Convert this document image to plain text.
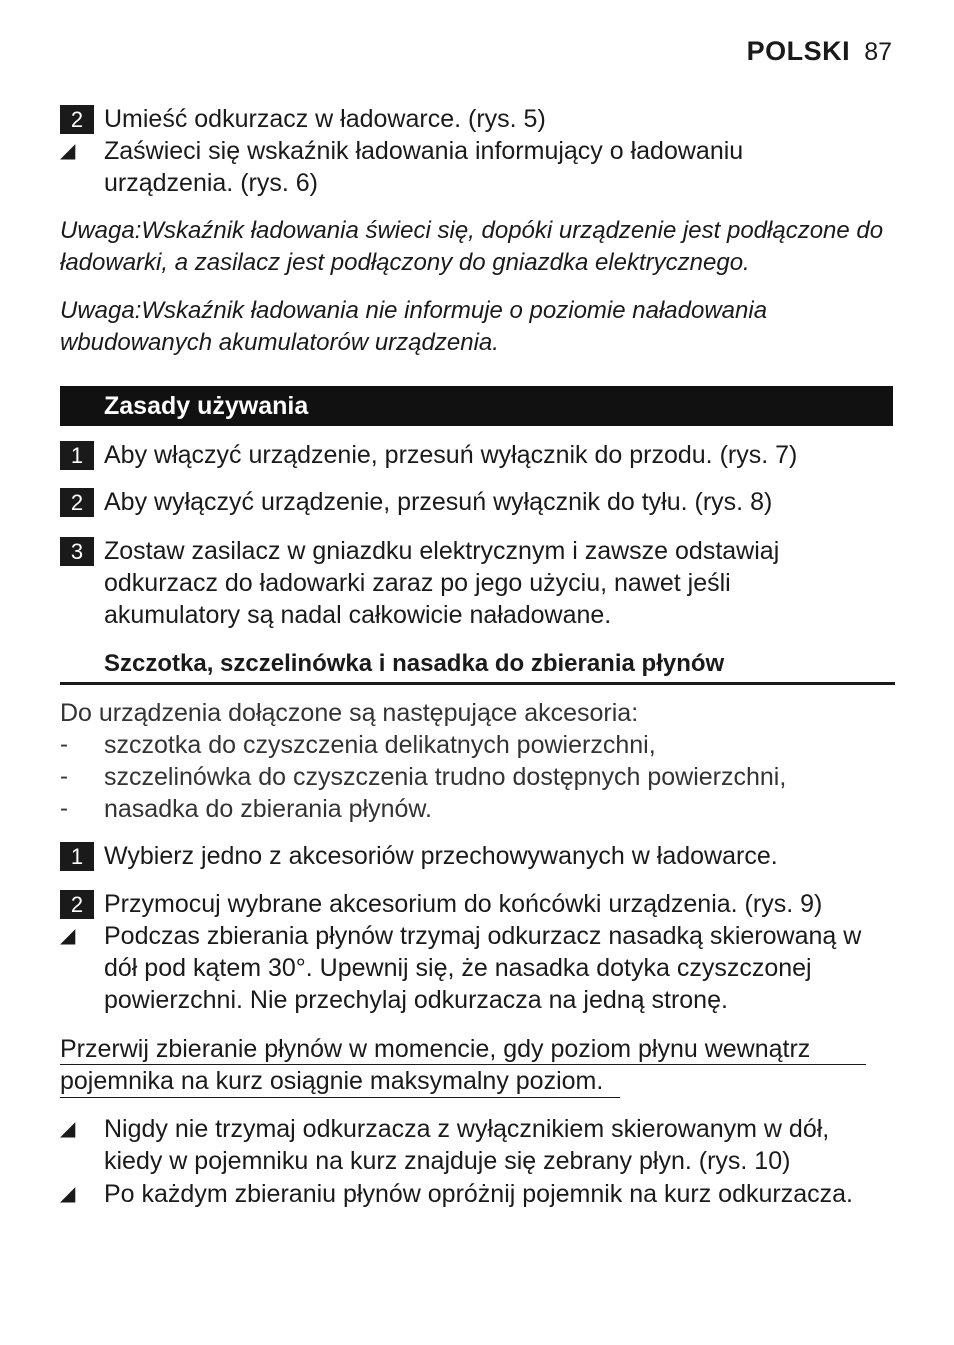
POLSKI 87
2 Umieść odkurzacz w ładowarce. (rys. 5)
◢ Zaświeci się wskaźnik ładowania informujący o ładowaniu
urządzenia. (rys. 6)
Uwaga:Wskaźnik ładowania świeci się, dopóki urządzenie jest podłączone do
ładowarki, a zasilacz jest podłączony do gniazdka elektrycznego.
Uwaga:Wskaźnik ładowania nie informuje o poziomie naładowania
wbudowanych akumulatorów urządzenia.
Zasady używania
1 Aby włączyć urządzenie, przesuń wyłącznik do przodu. (rys. 7)
2 Aby wyłączyć urządzenie, przesuń wyłącznik do tyłu. (rys. 8)
3 Zostaw zasilacz w gniazdku elektrycznym i zawsze odstawiaj
odkurzacz do ładowarki zaraz po jego użyciu, nawet jeśli
akumulatory są nadal całkowicie naładowane.
Szczotka, szczelinówka i nasadka do zbierania płynów
Do urządzenia dołączone są następujące akcesoria:
- szczotka do czyszczenia delikatnych powierzchni,
- szczelinówka do czyszczenia trudno dostępnych powierzchni,
- nasadka do zbierania płynów.
1 Wybierz jedno z akcesoriów przechowywanych w ładowarce.
2 Przymocuj wybrane akcesorium do końcówki urządzenia. (rys. 9)
◢ Podczas zbierania płynów trzymaj odkurzacz nasadką skierowaną w
dół pod kątem 30°. Upewnij się, że nasadka dotyka czyszczonej
powierzchni. Nie przechylaj odkurzacza na jedną stronę.
Przerwij zbieranie płynów w momencie, gdy poziom płynu wewnątrz
pojemnika na kurz osiągnie maksymalny poziom.
◢ Nigdy nie trzymaj odkurzacza z wyłącznikiem skierowanym w dół,
kiedy w pojemniku na kurz znajduje się zebrany płyn. (rys. 10)
◢ Po każdym zbieraniu płynów opróżnij pojemnik na kurz odkurzacza.
